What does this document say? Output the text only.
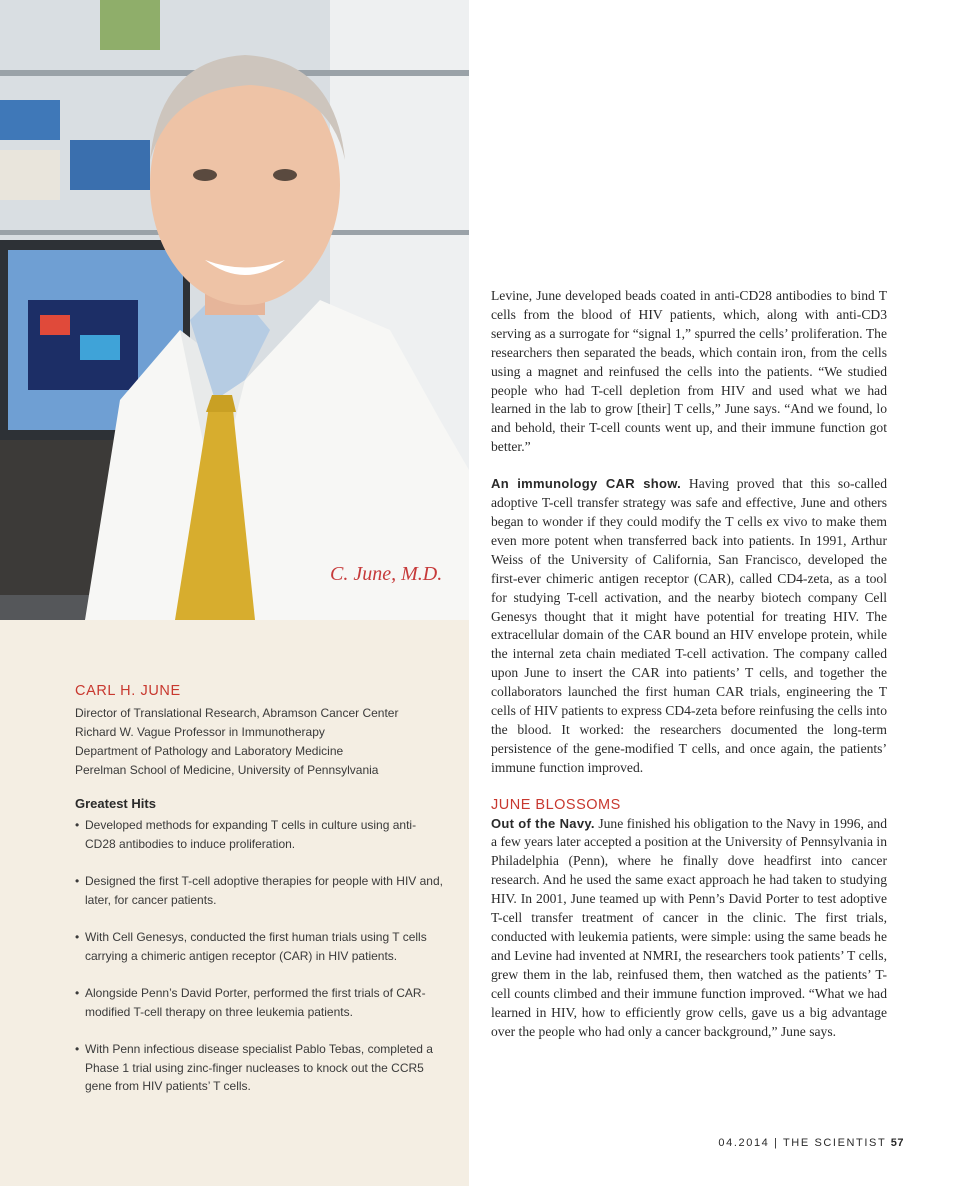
C. June, M.D.
CARL H. JUNE
Director of Translational Research, Abramson Cancer Center
Richard W. Vague Professor in Immunotherapy
Department of Pathology and Laboratory Medicine
Perelman School of Medicine, University of Pennsylvania
Greatest Hits
• Developed methods for expanding T cells in culture using anti-CD28 antibodies to induce proliferation.
• Designed the first T-cell adoptive therapies for people with HIV and, later, for cancer patients.
• With Cell Genesys, conducted the first human trials using T cells carrying a chimeric antigen receptor (CAR) in HIV patients.
• Alongside Penn’s David Porter, performed the first trials of CAR-modified T-cell therapy on three leukemia patients.
• With Penn infectious disease specialist Pablo Tebas, completed a Phase 1 trial using zinc-finger nucleases to knock out the CCR5 gene from HIV patients’ T cells.

Levine, June developed beads coated in anti-CD28 antibodies to bind T cells from the blood of HIV patients, which, along with anti-CD3 serving as a surrogate for “signal 1,” spurred the cells’ proliferation. The researchers then separated the beads, which contain iron, from the cells using a magnet and reinfused the cells into the patients. “We studied people who had T-cell depletion from HIV and used what we had learned in the lab to grow [their] T cells,” June says. “And we found, lo and behold, their T-cell counts went up, and their immune function got better.”

An immunology CAR show. Having proved that this so-called adoptive T-cell transfer strategy was safe and effective, June and others began to wonder if they could modify the T cells ex vivo to make them even more potent when transferred back into patients. In 1991, Arthur Weiss of the University of California, San Francisco, developed the first-ever chimeric antigen receptor (CAR), called CD4-zeta, as a tool for studying T-cell activation, and the nearby biotech company Cell Genesys thought that it might have potential for treating HIV. The extracellular domain of the CAR bound an HIV envelope protein, while the internal zeta chain mediated T-cell activation. The company called upon June to insert the CAR into patients’ T cells, and together the collaborators launched the first human CAR trials, engineering the T cells of HIV patients to express CD4-zeta before reinfusing the cells into the blood. It worked: the researchers documented the long-term persistence of the gene-modified T cells, and once again, the patients’ immune function improved.

JUNE BLOSSOMS

Out of the Navy. June finished his obligation to the Navy in 1996, and a few years later accepted a position at the University of Pennsylvania in Philadelphia (Penn), where he finally dove headfirst into cancer research. And he used the same exact approach he had taken to studying HIV. In 2001, June teamed up with Penn’s David Porter to test adoptive T-cell transfer treatment of cancer in the clinic. The first trials, conducted with leukemia patients, were simple: using the same beads he and Levine had invented at NMRI, the researchers took patients’ T cells, grew them in the lab, reinfused them, then watched as the patients’ T-cell counts climbed and their immune function improved. “What we had learned in HIV, how to efficiently grow cells, gave us a big advantage over the people who had only a cancer background,” June says.

04.2014 | THE SCIENTIST 57
